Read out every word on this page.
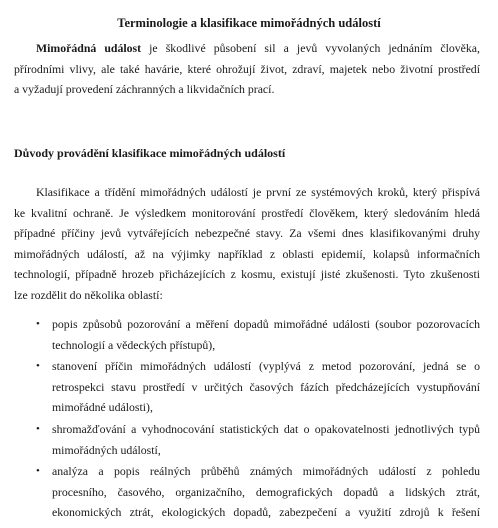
Terminologie a klasifikace mimořádných událostí
Mimořádná událost je škodlivé působení sil a jevů vyvolaných jednáním člověka,
přírodními vlivy, ale také havárie, které ohrožují život, zdraví, majetek nebo životní prostředí
a vyžadují provedení záchranných a likvidačních prací.
Důvody provádění klasifikace mimořádných událostí
Klasifikace a třídění mimořádných událostí je první ze systémových kroků, který přispívá
ke kvalitní ochraně. Je výsledkem monitorování prostředí člověkem, který sledováním hledá
případné příčiny jevů vytvářejících nebezpečné stavy. Za všemi dnes klasifikovanými druhy
mimořádných událostí, až na výjimky například z oblasti epidemií, kolapsů informačních
technologií, případně hrozeb přicházejících z kosmu, existují jisté zkušenosti. Tyto zkušenosti
lze rozdělit do několika oblastí:
• popis způsobů pozorování a měření dopadů mimořádné události (soubor pozorovacích
technologií a vědeckých přístupů),
• stanovení příčin mimořádných událostí (vyplývá z metod pozorování, jedná se o
retrospekci stavu prostředí v určitých časových fázích předcházejících vystupňování
mimořádné události),
• shromažďování a vyhodnocování statistických dat o opakovatelnosti jednotlivých typů
mimořádných událostí,
• analýza a popis reálných průběhů známých mimořádných událostí z pohledu
procesního, časového, organizačního, demografických dopadů a lidských ztrát,
ekonomických ztrát, ekologických dopadů, zabezpečení a využití zdrojů k řešení
